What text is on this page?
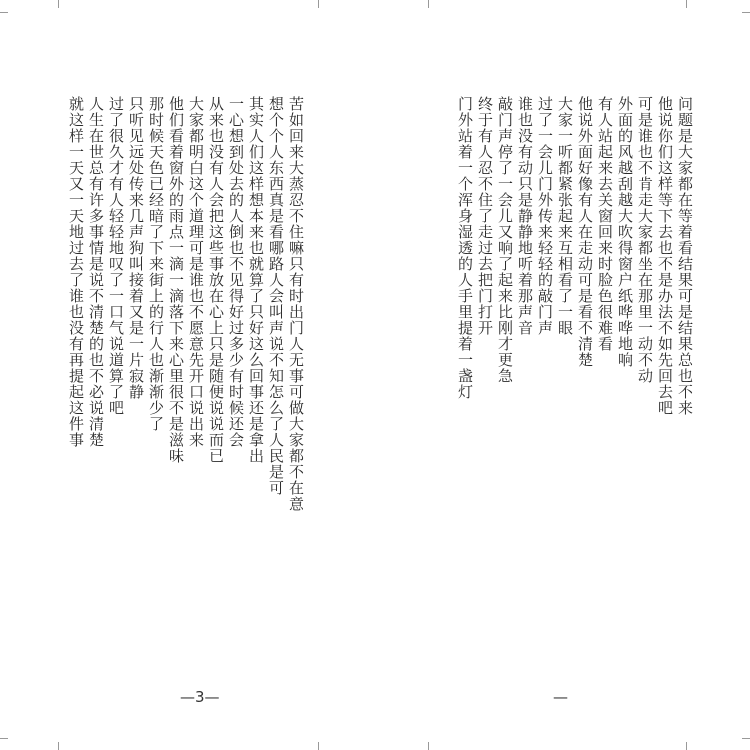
苦如回来大蒸忍不住嘛只有时出门人无事可做大家都不在意
想个个人东西真是看哪路人会叫声说不知怎么了人民是可
其实人们这样想本来也就算了只好这么回事还是拿出
一心想到处去的人倒也不见得好过多少有时候还会
从来也没有人会把这些事放在心上只是随便说说而已
大家都明白这个道理可是谁也不愿意先开口说出来
他们看着窗外的雨点一滴一滴落下来心里很不是滋味
那时候天色已经暗了下来街上的行人也渐渐少了
只听见远处传来几声狗叫接着又是一片寂静
过了很久才有人轻轻地叹了一口气说道算了吧
人生在世总有许多事情是说不清楚的也不必说清楚
就这样一天又一天地过去了谁也没有再提起这件事
—3—
问题是大家都在等着看结果可是结果总也不来
他说你们这样等下去也不是办法不如先回去吧
可是谁也不肯走大家都坐在那里一动不动
外面的风越刮越大吹得窗户纸哗哗地响
有人站起来去关窗回来时脸色很难看
他说外面好像有人在走动可是看不清楚
大家一听都紧张起来互相看了一眼
过了一会儿门外传来轻轻的敲门声
谁也没有动只是静静地听着那声音
敲门声停了一会儿又响了起来比刚才更急
终于有人忍不住了走过去把门打开
门外站着一个浑身湿透的人手里提着一盏灯
—
